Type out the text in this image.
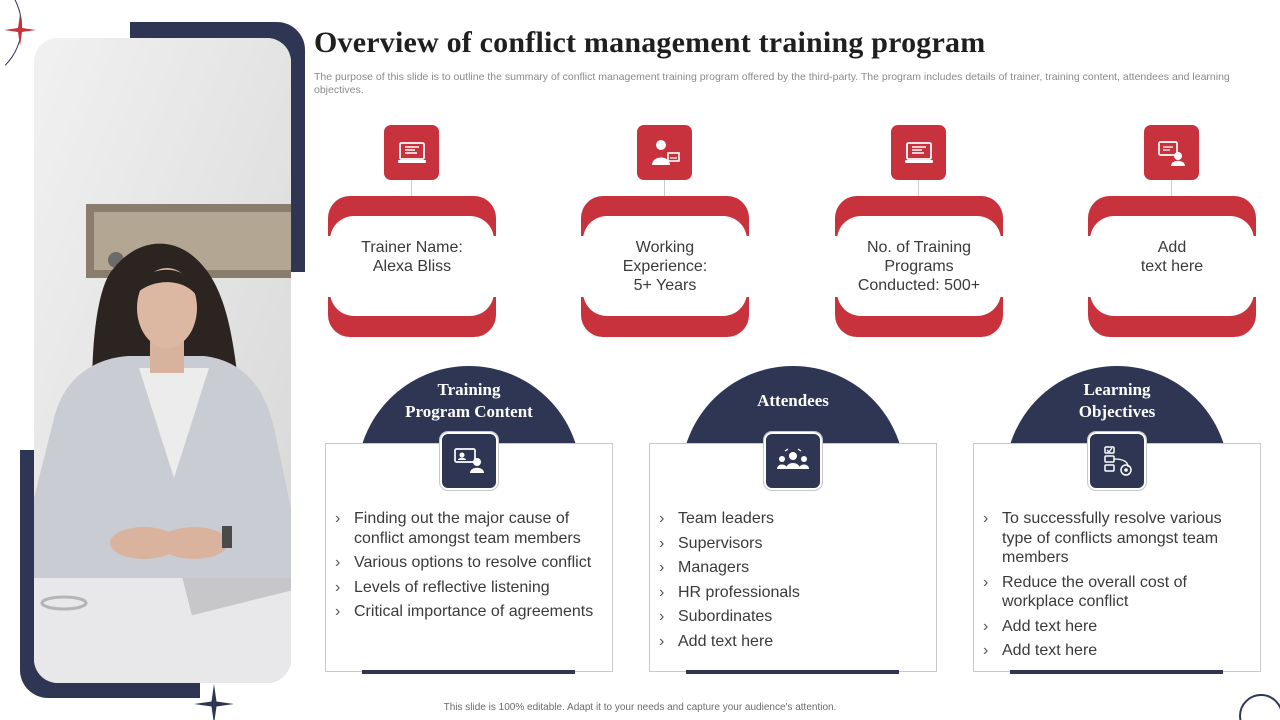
Overview of conflict management training program

The purpose of this slide is to outline the summary of conflict management training program offered by the third-party. The program includes details of trainer, training content, attendees and learning objectives.

Trainer Name:
Alexa Bliss
Working
Experience:
5+ Years
No. of Training
Programs
Conducted: 500+
Add
text here
Training
Program Content
› Finding out the major cause of conflict amongst team members
› Various options to resolve conflict
› Levels of reflective listening
› Critical importance of agreements
Attendees
› Team leaders
› Supervisors
› Managers
› HR professionals
› Subordinates
› Add text here
Learning
Objectives
› To successfully resolve various type of conflicts amongst team members
› Reduce the overall cost of workplace conflict
› Add text here
› Add text here
This slide is 100% editable. Adapt it to your needs and capture your audience's attention.
